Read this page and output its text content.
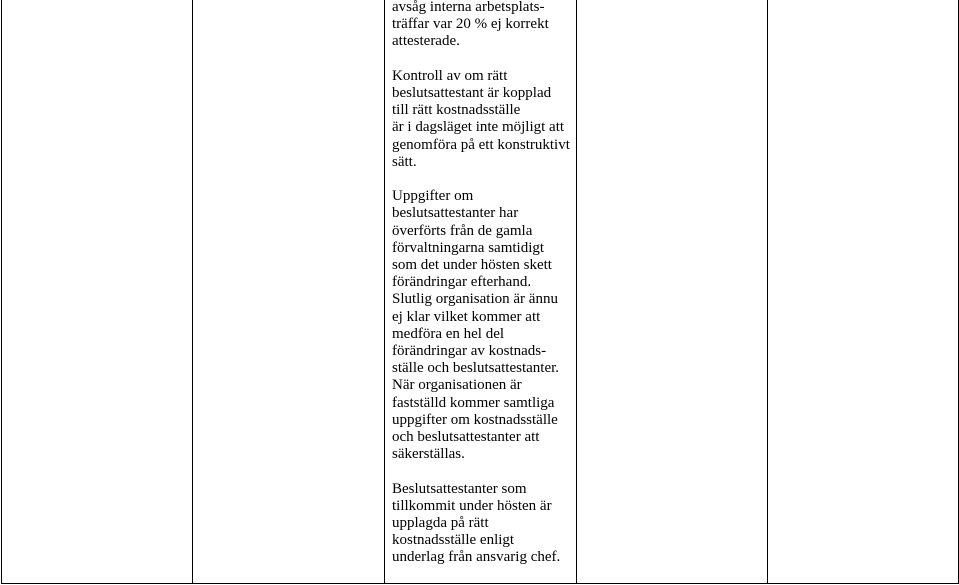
avsåg interna arbetsplats-
träffar var 20 % ej korrekt
attesterade.

Kontroll av om rätt
beslutsattestant är kopplad
till rätt kostnadsställe
är i dagsläget inte möjligt att
genomföra på ett konstruktivt
sätt.

Uppgifter om
beslutsattestanter har
överförts från de gamla
förvaltningarna samtidigt
som det under hösten skett
förändringar efterhand.
Slutlig organisation är ännu
ej klar vilket kommer att
medföra en hel del
förändringar av kostnads-
ställe och beslutsattestanter.
När organisationen är
fastställd kommer samtliga
uppgifter om kostnadsställe
och beslutsattestanter att
säkerställas.

Beslutsattestanter som
tillkommit under hösten är
upplagda på rätt
kostnadsställe enligt
underlag från ansvarig chef.
